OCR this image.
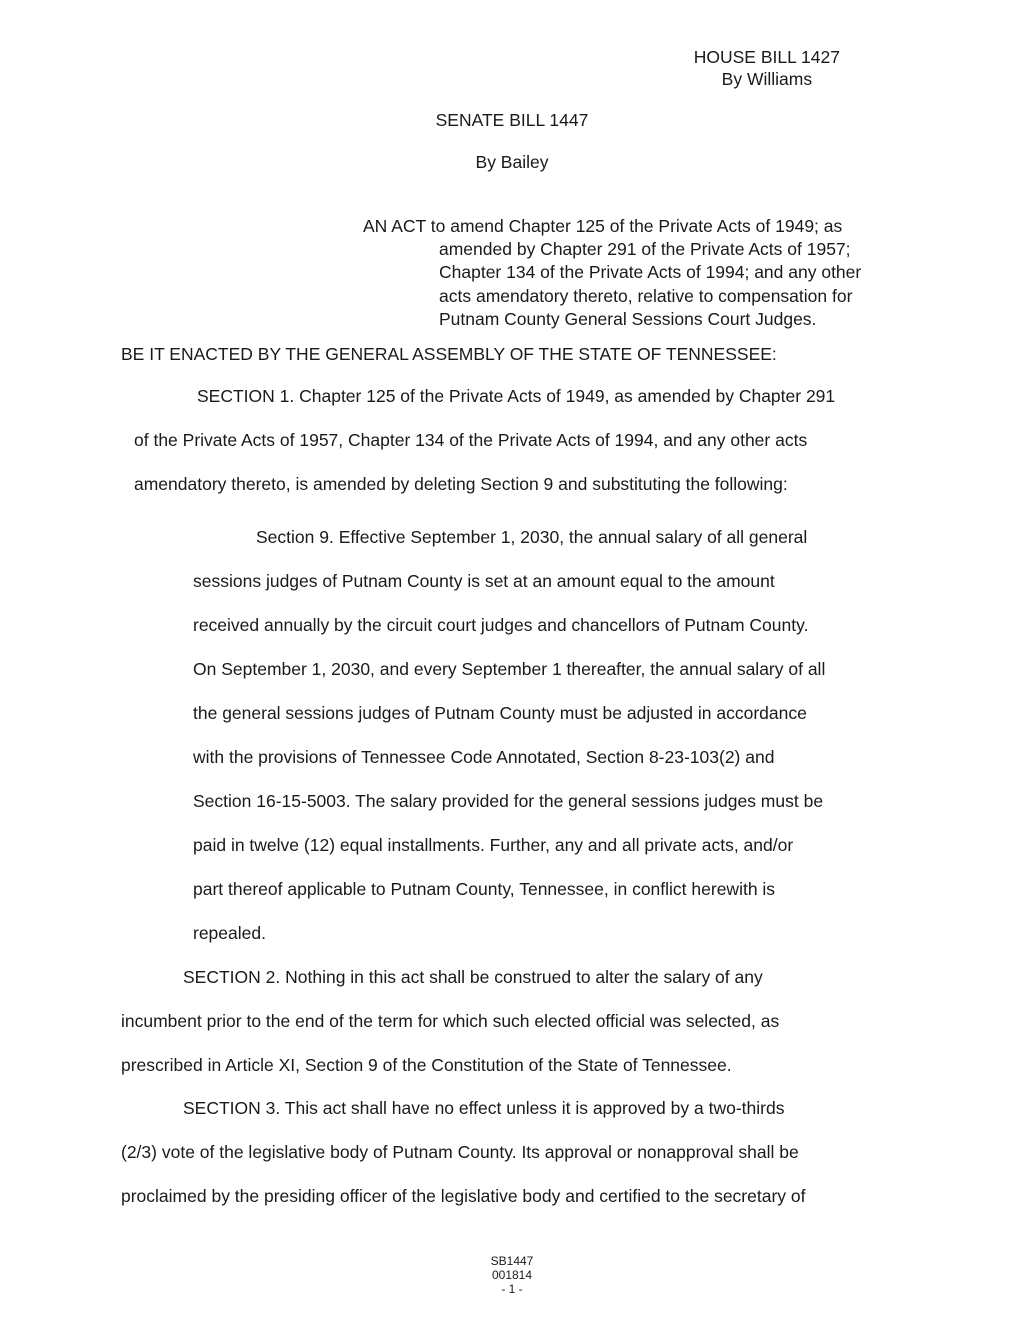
HOUSE BILL 1427
By Williams
SENATE BILL 1447
By Bailey
AN ACT to amend Chapter 125 of the Private Acts of 1949; as
amended by Chapter 291 of the Private Acts of 1957;
Chapter 134 of the Private Acts of 1994; and any other
acts amendatory thereto, relative to compensation for
Putnam County General Sessions Court Judges.
BE IT ENACTED BY THE GENERAL ASSEMBLY OF THE STATE OF TENNESSEE:
SECTION 1. Chapter 125 of the Private Acts of 1949, as amended by Chapter 291
of the Private Acts of 1957, Chapter 134 of the Private Acts of 1994, and any other acts
amendatory thereto, is amended by deleting Section 9 and substituting the following:
Section 9. Effective September 1, 2030, the annual salary of all general
sessions judges of Putnam County is set at an amount equal to the amount
received annually by the circuit court judges and chancellors of Putnam County.
On September 1, 2030, and every September 1 thereafter, the annual salary of all
the general sessions judges of Putnam County must be adjusted in accordance
with the provisions of Tennessee Code Annotated, Section 8-23-103(2) and
Section 16-15-5003. The salary provided for the general sessions judges must be
paid in twelve (12) equal installments. Further, any and all private acts, and/or
part thereof applicable to Putnam County, Tennessee, in conflict herewith is
repealed.
SECTION 2. Nothing in this act shall be construed to alter the salary of any
incumbent prior to the end of the term for which such elected official was selected, as
prescribed in Article XI, Section 9 of the Constitution of the State of Tennessee.
SECTION 3. This act shall have no effect unless it is approved by a two-thirds
(2/3) vote of the legislative body of Putnam County. Its approval or nonapproval shall be
proclaimed by the presiding officer of the legislative body and certified to the secretary of
SB1447
001814
- 1 -
